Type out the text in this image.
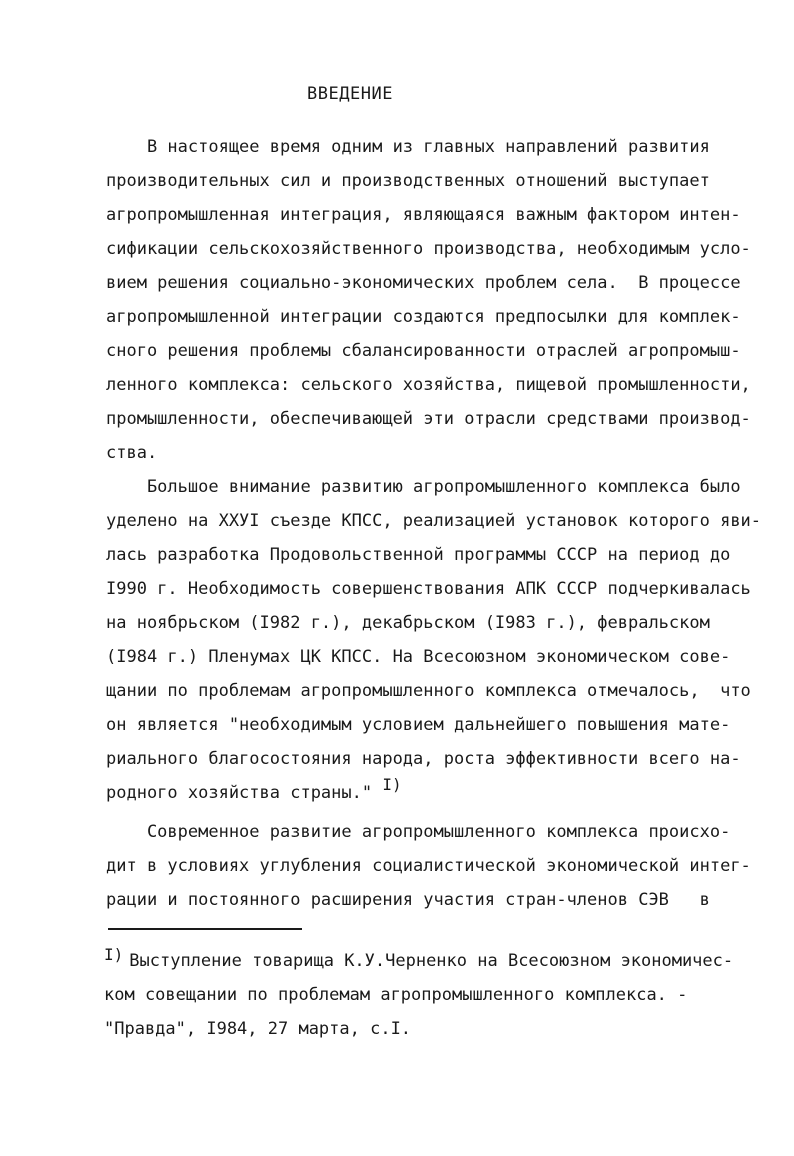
ВВЕДЕНИЕ
В настоящее время одним из главных направлений развития
производительных сил и производственных отношений выступает
агропромышленная интеграция, являющаяся важным фактором интен-
сификации сельскохозяйственного производства, необходимым усло-
вием решения социально-экономических проблем села.  В процессе
агропромышленной интеграции создаются предпосылки для комплек-
сного решения проблемы сбалансированности отраслей агропромыш-
ленного комплекса: сельского хозяйства, пищевой промышленности,
промышленности, обеспечивающей эти отрасли средствами производ-
ства.
Большое внимание развитию агропромышленного комплекса было
уделено на ХХУI съезде КПСС, реализацией установок которого яви-
лась разработка Продовольственной программы СССР на период до
I990 г. Необходимость совершенствования АПК СССР подчеркивалась
на ноябрьском (I982 г.), декабрьском (I983 г.), февральском
(I984 г.) Пленумах ЦК КПСС. На Всесоюзном экономическом сове-
щании по проблемам агропромышленного комплекса отмечалось,  что
он является "необходимым условием дальнейшего повышения мате-
риального благосостояния народа, роста эффективности всего на-
родного хозяйства страны." I)
Современное развитие агропромышленного комплекса происхо-
дит в условиях углубления социалистической экономической интег-
рации и постоянного расширения участия стран-членов СЭВ   в
I) Выступление товарища К.У.Черненко на Всесоюзном экономичес-
ком совещании по проблемам агропромышленного комплекса. -
"Правда", I984, 27 марта, с.I.
